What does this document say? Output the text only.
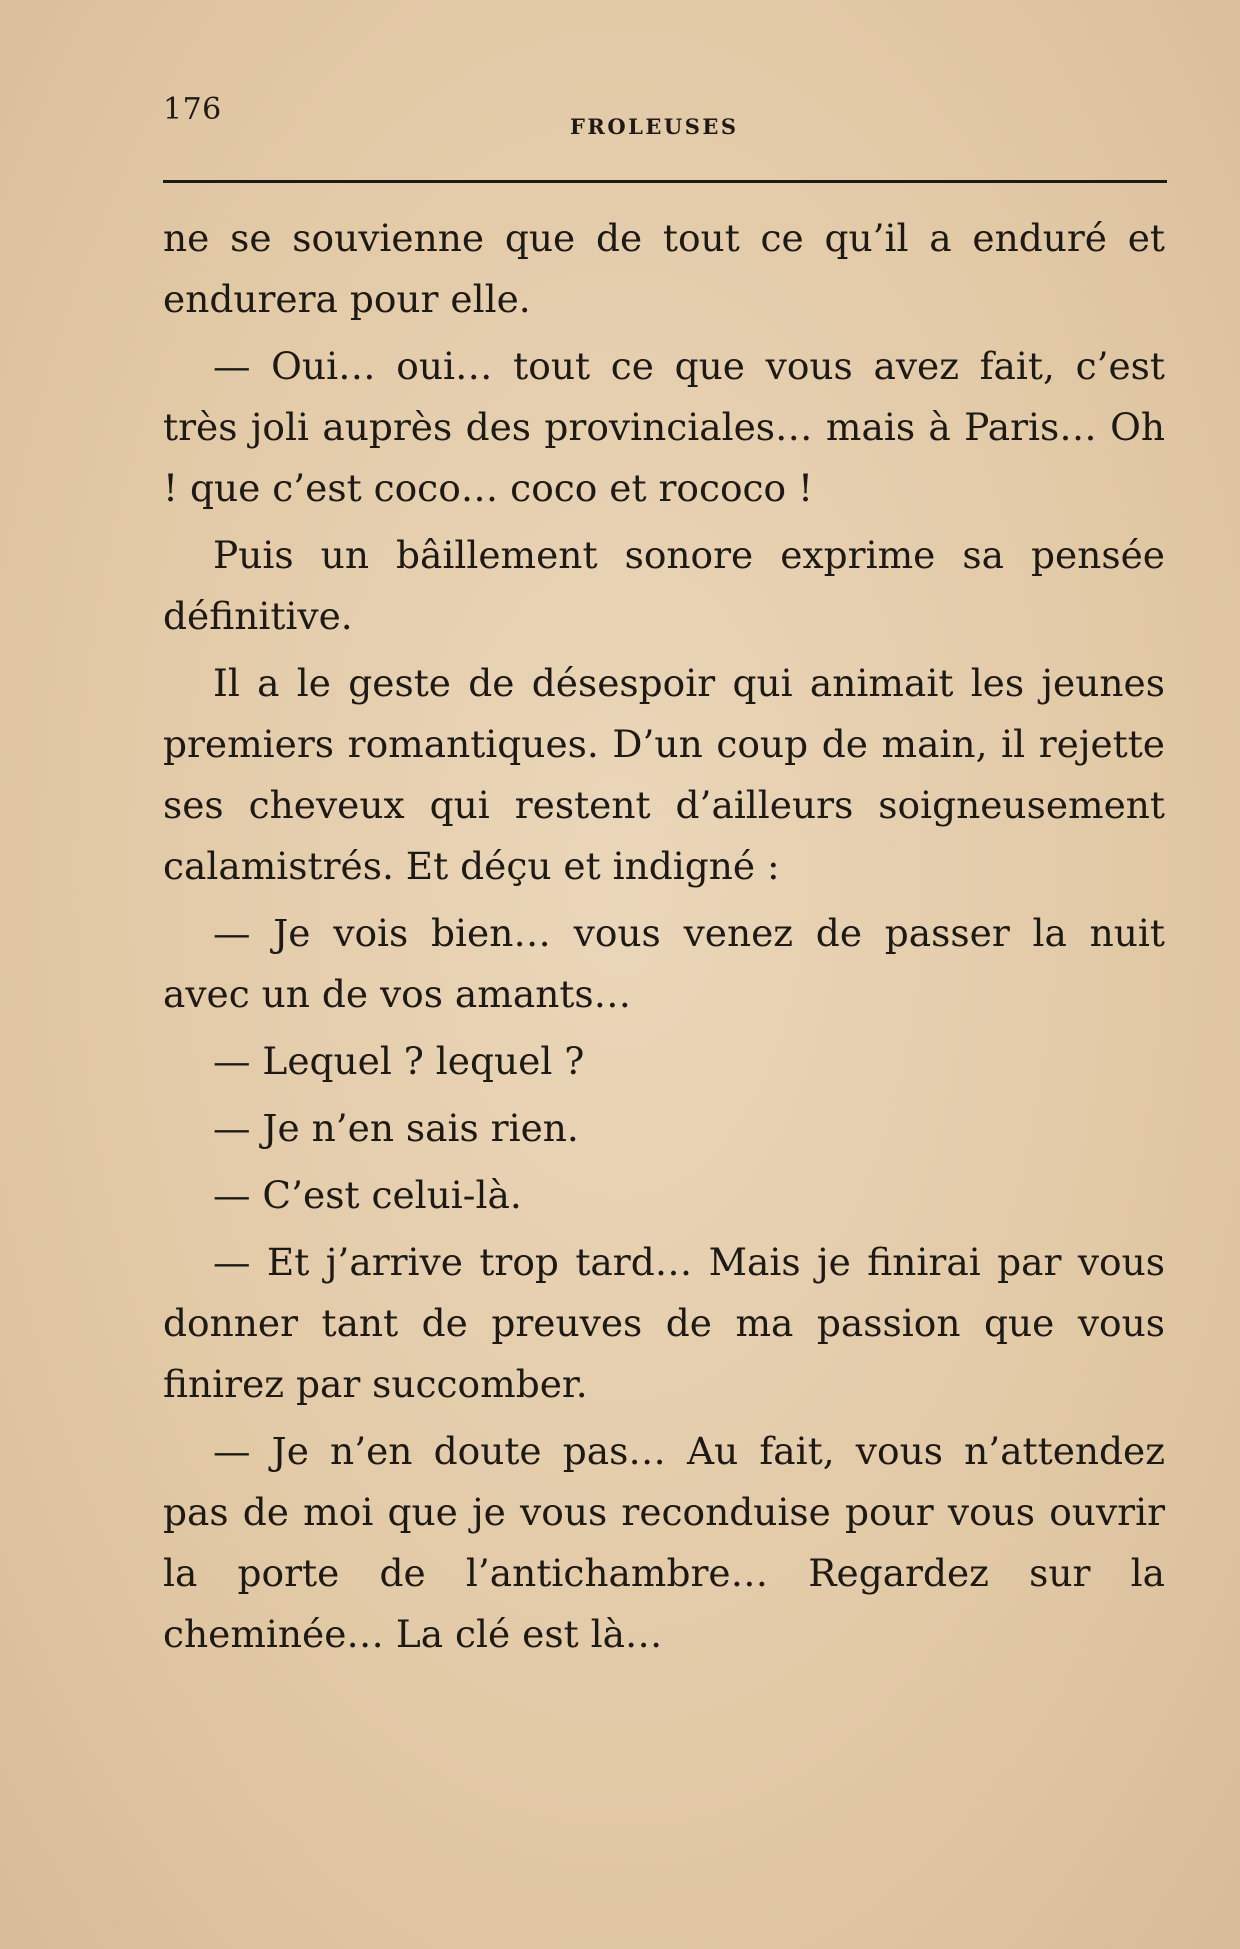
176	FROLEUSES

ne se souvienne que de tout ce qu’il a enduré et endurera pour elle.

— Oui… oui… tout ce que vous avez fait, c’est très joli auprès des provinciales… mais à Paris… Oh ! que c’est coco… coco et rococo !

Puis un bâillement sonore exprime sa pensée définitive.

Il a le geste de désespoir qui animait les jeunes premiers romantiques. D’un coup de main, il rejette ses cheveux qui restent d’ailleurs soigneusement calamistrés. Et déçu et indigné :

— Je vois bien… vous venez de passer la nuit avec un de vos amants…

— Lequel ? lequel ?

— Je n’en sais rien.

— C’est celui-là.

— Et j’arrive trop tard… Mais je finirai par vous donner tant de preuves de ma passion que vous finirez par succomber.

— Je n’en doute pas… Au fait, vous n’attendez pas de moi que je vous reconduise pour vous ouvrir la porte de l’antichambre… Regardez sur la cheminée… La clé est là…
